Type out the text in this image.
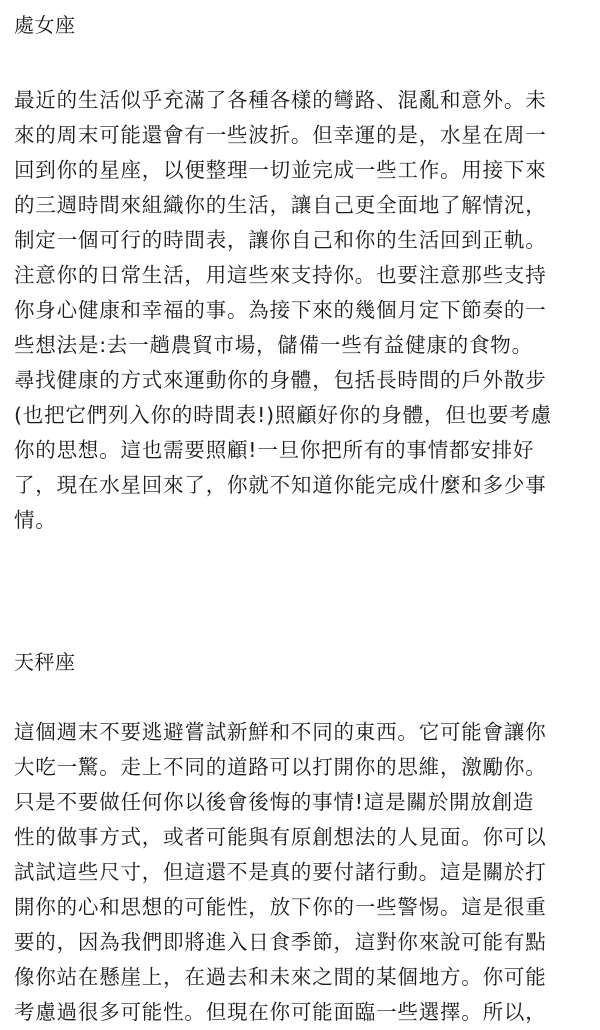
處女座
最近的生活似乎充滿了各種各樣的彎路、混亂和意外。未
來的周末可能還會有一些波折。但幸運的是，水星在周一
回到你的星座，以便整理一切並完成一些工作。用接下來
的三週時間來組織你的生活，讓自己更全面地了解情況，
制定一個可行的時間表，讓你自己和你的生活回到正軌。
注意你的日常生活，用這些來支持你。也要注意那些支持
你身心健康和幸福的事。為接下來的幾個月定下節奏的一
些想法是:去一趟農貿市場，儲備一些有益健康的食物。
尋找健康的方式來運動你的身體，包括長時間的戶外散步
(也把它們列入你的時間表!)照顧好你的身體，但也要考慮
你的思想。這也需要照顧!一旦你把所有的事情都安排好
了，現在水星回來了，你就不知道你能完成什麼和多少事
情。
天秤座
這個週末不要逃避嘗試新鮮和不同的東西。它可能會讓你
大吃一驚。走上不同的道路可以打開你的思維，激勵你。
只是不要做任何你以後會後悔的事情!這是關於開放創造
性的做事方式，或者可能與有原創想法的人見面。你可以
試試這些尺寸，但這還不是真的要付諸行動。這是關於打
開你的心和思想的可能性，放下你的一些警惕。這是很重
要的，因為我們即將進入日食季節，這對你來說可能有點
像你站在懸崖上，在過去和未來之間的某個地方。你可能
考慮過很多可能性。但現在你可能面臨一些選擇。所以，
